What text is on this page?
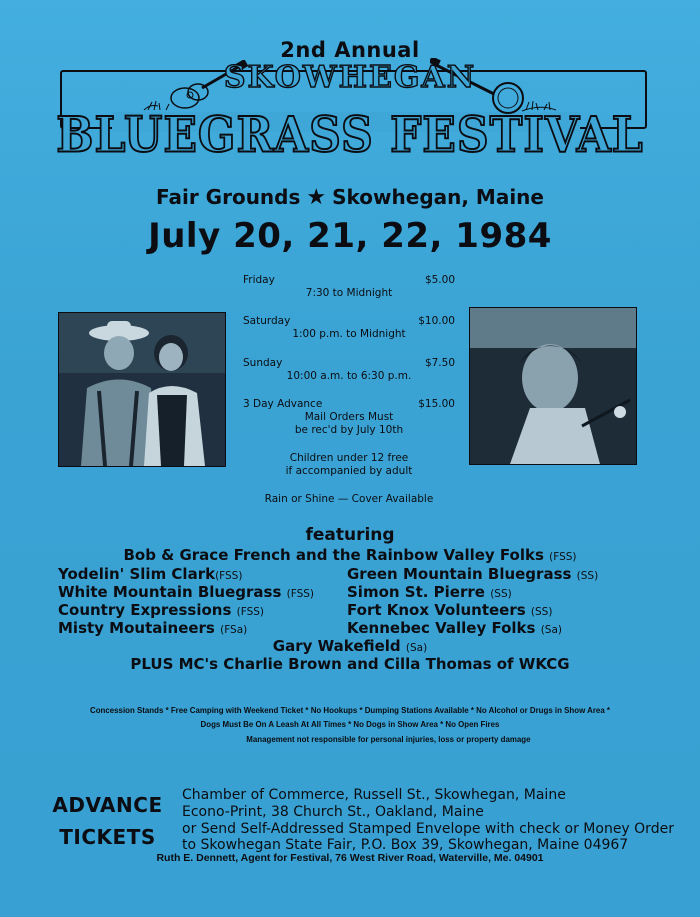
2nd Annual
SKOWHEGAN
BLUEGRASS FESTIVAL
Fair Grounds ★ Skowhegan, Maine
July 20, 21, 22, 1984
Friday	$5.00
7:30 to Midnight
Saturday	$10.00
1:00 p.m. to Midnight
Sunday	$7.50
10:00 a.m. to 6:30 p.m.
3 Day Advance	$15.00
Mail Orders Must
be rec'd by July 10th
Children under 12 free
if accompanied by adult
Rain or Shine — Cover Available
featuring
Bob & Grace French and the Rainbow Valley Folks (FSS)
Yodelin' Slim Clark(FSS)
White Mountain Bluegrass (FSS)
Country Expressions (FSS)
Misty Moutaineers (FSa)
Green Mountain Bluegrass (SS)
Simon St. Pierre (SS)
Fort Knox Volunteers (SS)
Kennebec Valley Folks (Sa)
Gary Wakefield (Sa)
PLUS MC's Charlie Brown and Cilla Thomas of WKCG
Concession Stands * Free Camping with Weekend Ticket * No Hookups * Dumping Stations Available * No Alcohol or Drugs in Show Area *
Dogs Must Be On A Leash At All Times * No Dogs in Show Area * No Open Fires
Management not responsible for personal injuries, loss or property damage
ADVANCE
TICKETS
Chamber of Commerce, Russell St., Skowhegan, Maine
Econo-Print, 38 Church St., Oakland, Maine
or Send Self-Addressed Stamped Envelope with check or Money Order
to Skowhegan State Fair, P.O. Box 39, Skowhegan, Maine 04967
Ruth E. Dennett, Agent for Festival, 76 West River Road, Waterville, Me. 04901
